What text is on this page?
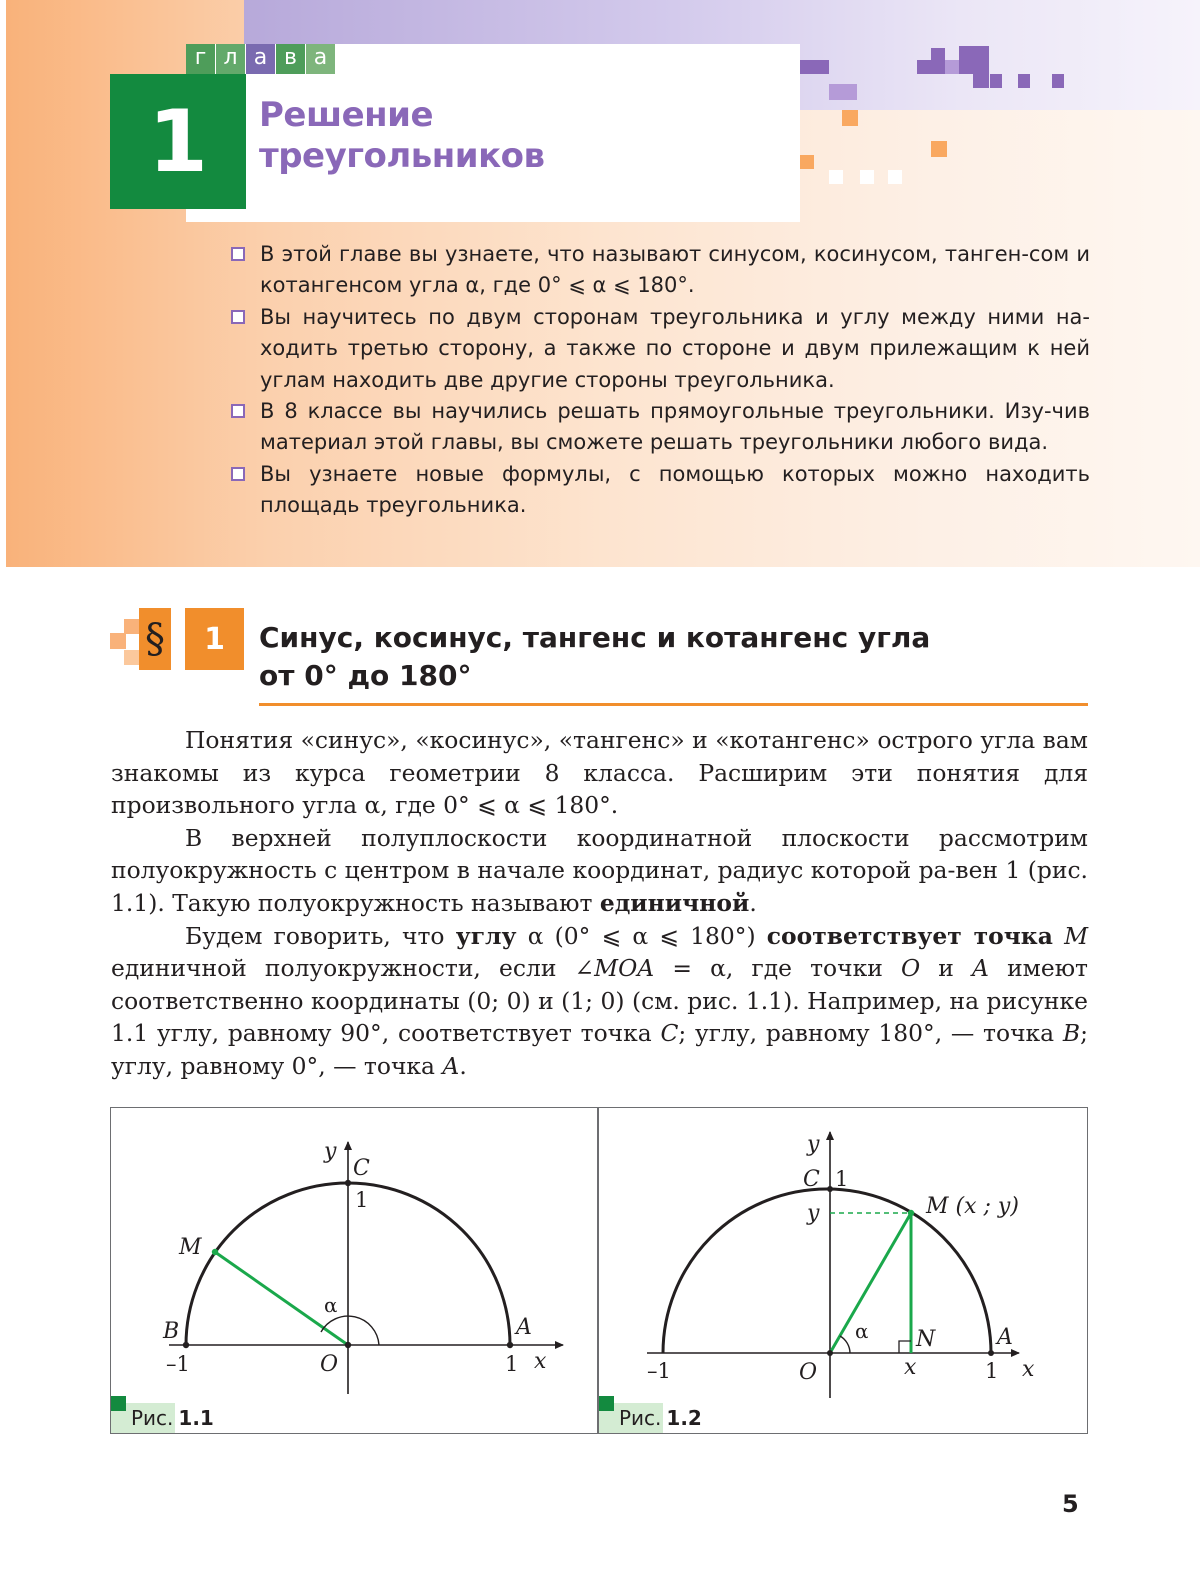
г л а в а
1	Решение
треугольников
В этой главе вы узнаете, что называют синусом, косинусом, танген-сом и котангенсом угла α, где 0° ⩽ α ⩽ 180°.
Вы научитесь по двум сторонам треугольника и углу между ними на-ходить третью сторону, а также по стороне и двум прилежащим к ней углам находить две другие стороны треугольника.
В 8 классе вы научились решать прямоугольные треугольники. Изу-чив материал этой главы, вы сможете решать треугольники любого вида.
Вы узнаете новые формулы, с помощью которых можно находить площадь треугольника.
§	1	Синус, косинус, тангенс и котангенс угла
от 0° до 180°

Понятия «синус», «косинус», «тангенс» и «котангенс» острого угла вам знакомы из курса геометрии 8 класса. Расширим эти понятия для произвольного угла α, где 0° ⩽ α ⩽ 180°.

В верхней полуплоскости координатной плоскости рассмотрим полуокружность с центром в начале координат, радиус которой ра-вен 1 (рис. 1.1). Такую полуокружность называют единичной.

Будем говорить, что углу α (0° ⩽ α ⩽ 180°) соответствует точка M единичной полуокружности, если ∠MOA = α, где точки O и A имеют соответственно координаты (0; 0) и (1; 0) (см. рис. 1.1). Например, на рисунке 1.1 углу, равному 90°, соответствует точка C; углу, равному 180°, — точка B; углу, равному 0°, — точка A.

y
C
1
M
α
B	A
–1	O	1 x
y
C 1
y	M (x ; y)
α N	A
–1	O	x	1 x
Рис. 1.1	Рис. 1.2
5
